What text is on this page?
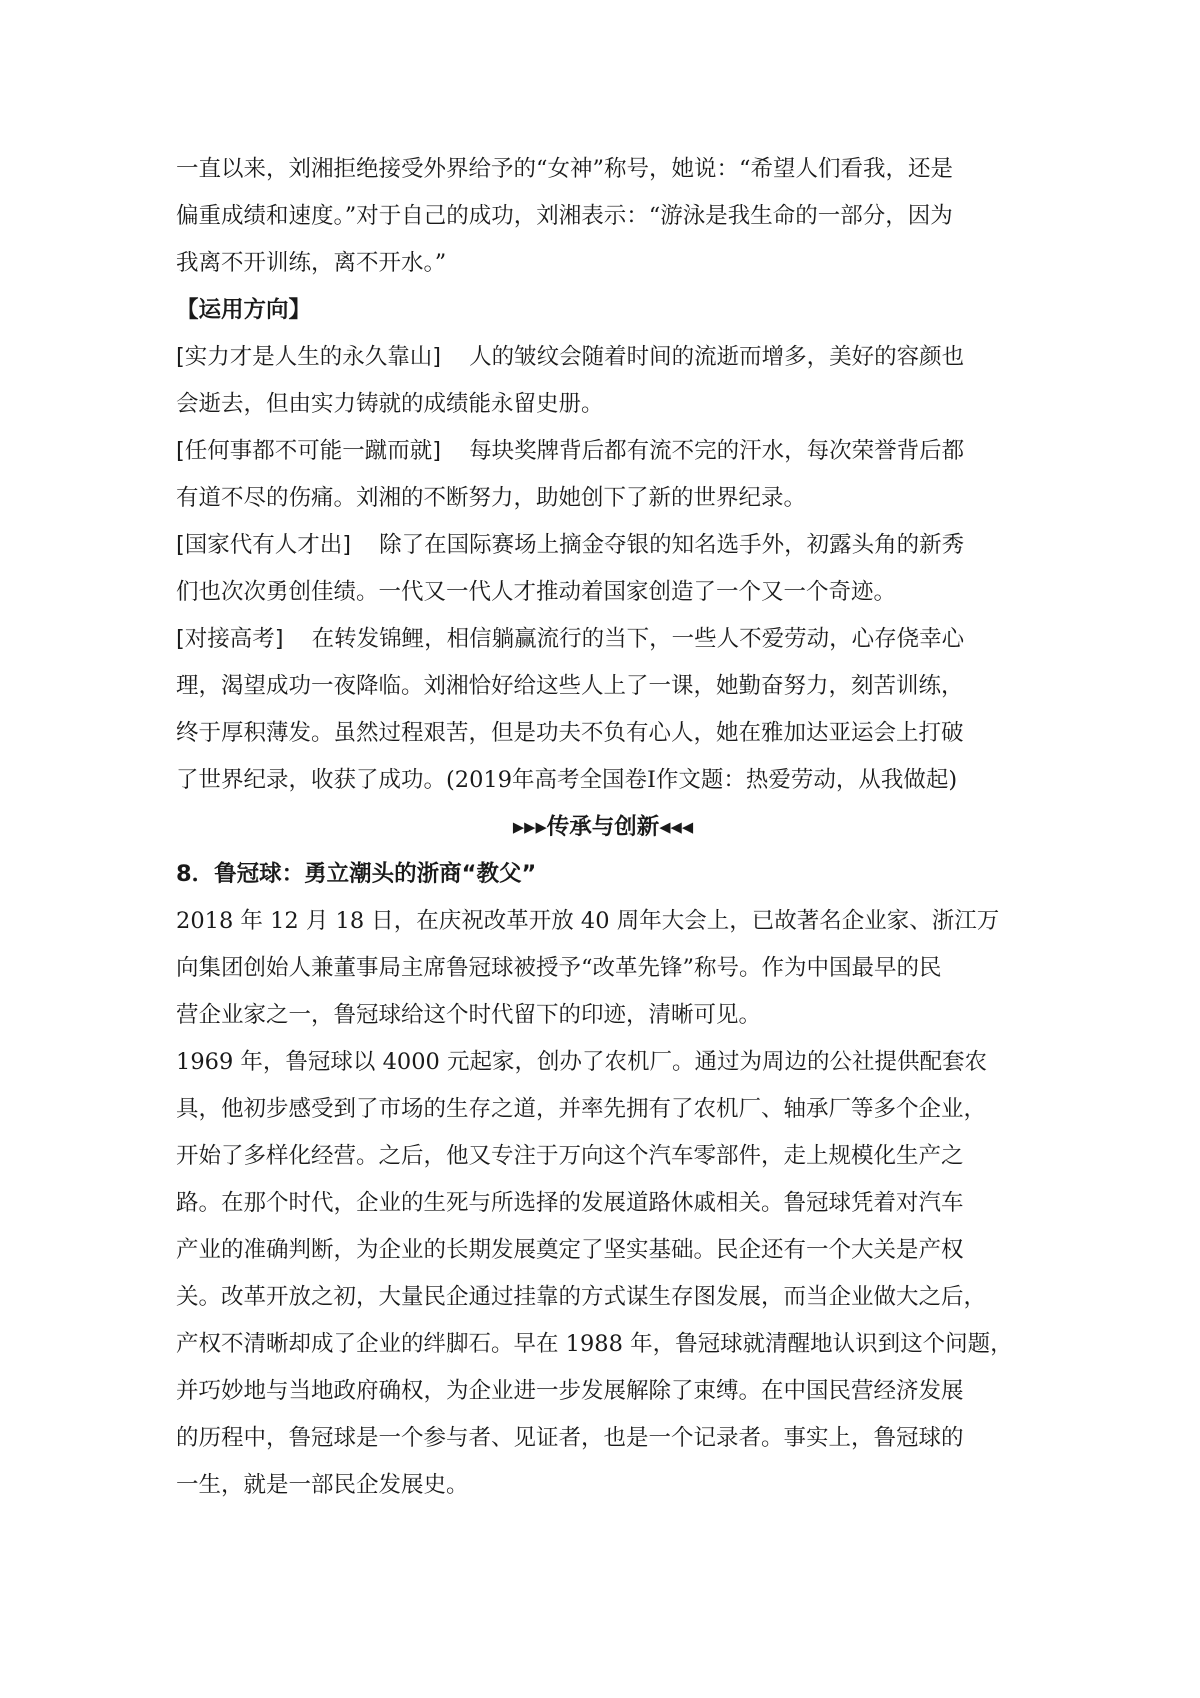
一直以来，刘湘拒绝接受外界给予的“女神”称号，她说：“希望人们看我，还是
偏重成绩和速度。”对于自己的成功，刘湘表示：“游泳是我生命的一部分，因为
我离不开训练，离不开水。”
【运用方向】
[实力才是人生的永久靠山] 人的皱纹会随着时间的流逝而增多，美好的容颜也
会逝去，但由实力铸就的成绩能永留史册。
[任何事都不可能一蹴而就] 每块奖牌背后都有流不完的汗水，每次荣誉背后都
有道不尽的伤痛。刘湘的不断努力，助她创下了新的世界纪录。
[国家代有人才出] 除了在国际赛场上摘金夺银的知名选手外，初露头角的新秀
们也次次勇创佳绩。一代又一代人才推动着国家创造了一个又一个奇迹。
[对接高考] 在转发锦鲤，相信躺赢流行的当下，一些人不爱劳动，心存侥幸心
理，渴望成功一夜降临。刘湘恰好给这些人上了一课，她勤奋努力，刻苦训练，
终于厚积薄发。虽然过程艰苦，但是功夫不负有心人，她在雅加达亚运会上打破
了世界纪录，收获了成功。(2019年高考全国卷I作文题：热爱劳动，从我做起)
▸▸▸传承与创新◂◂◂
8．鲁冠球：勇立潮头的浙商“教父”
2018 年 12 月 18 日，在庆祝改革开放 40 周年大会上，已故著名企业家、浙江万
向集团创始人兼董事局主席鲁冠球被授予“改革先锋”称号。作为中国最早的民
营企业家之一，鲁冠球给这个时代留下的印迹，清晰可见。
1969 年，鲁冠球以 4000 元起家，创办了农机厂。通过为周边的公社提供配套农
具，他初步感受到了市场的生存之道，并率先拥有了农机厂、轴承厂等多个企业，
开始了多样化经营。之后，他又专注于万向这个汽车零部件，走上规模化生产之
路。在那个时代，企业的生死与所选择的发展道路休戚相关。鲁冠球凭着对汽车
产业的准确判断，为企业的长期发展奠定了坚实基础。民企还有一个大关是产权
关。改革开放之初，大量民企通过挂靠的方式谋生存图发展，而当企业做大之后，
产权不清晰却成了企业的绊脚石。早在 1988 年，鲁冠球就清醒地认识到这个问题，
并巧妙地与当地政府确权，为企业进一步发展解除了束缚。在中国民营经济发展
的历程中，鲁冠球是一个参与者、见证者，也是一个记录者。事实上，鲁冠球的
一生，就是一部民企发展史。
